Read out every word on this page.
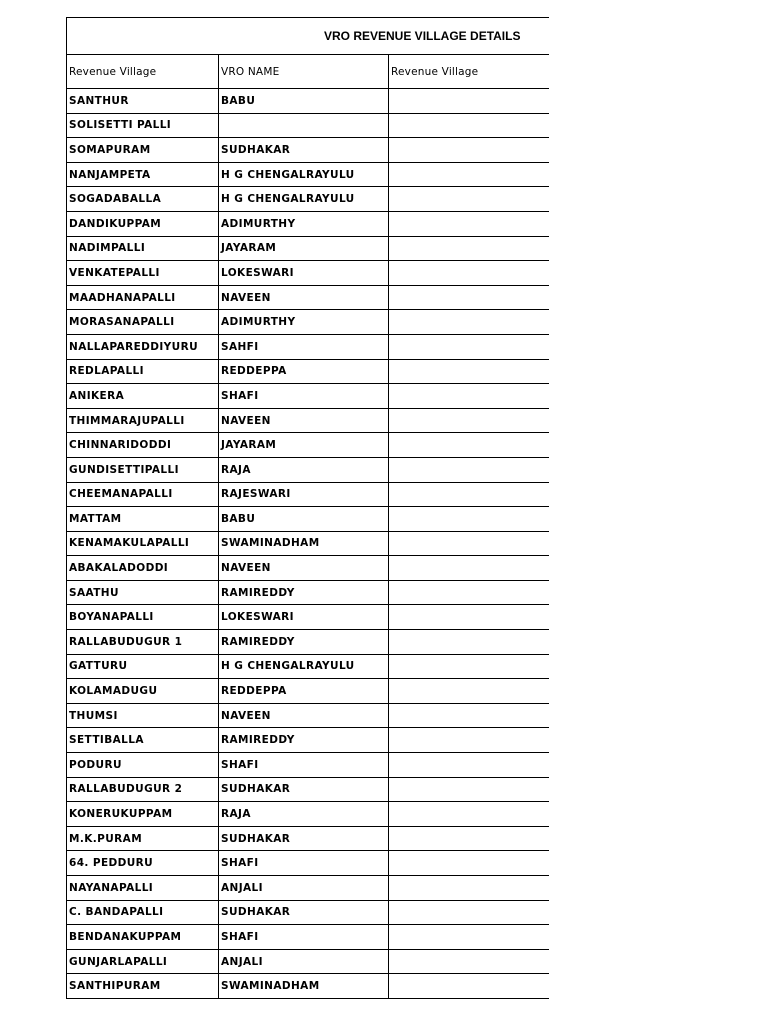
VRO REVENUE VILLAGE DETAILS		
Revenue Village	VRO NAME	Revenue Village
SANTHUR	BABU	
SOLISETTI PALLI		
SOMAPURAM	SUDHAKAR	
NANJAMPETA	H G CHENGALRAYULU	
SOGADABALLA	H G CHENGALRAYULU	
DANDIKUPPAM	ADIMURTHY	
NADIMPALLI	JAYARAM	
VENKATEPALLI	LOKESWARI	
MAADHANAPALLI	NAVEEN	
MORASANAPALLI	ADIMURTHY	
NALLAPAREDDIYURU	SAHFI	
REDLAPALLI	REDDEPPA	
ANIKERA	SHAFI	
THIMMARAJUPALLI	NAVEEN	
CHINNARIDODDI	JAYARAM	
GUNDISETTIPALLI	RAJA	
CHEEMANAPALLI	RAJESWARI	
MATTAM	BABU	
KENAMAKULAPALLI	SWAMINADHAM	
ABAKALADODDI	NAVEEN	
SAATHU	RAMIREDDY	
BOYANAPALLI	LOKESWARI	
RALLABUDUGUR 1	RAMIREDDY	
GATTURU	H G CHENGALRAYULU	
KOLAMADUGU	REDDEPPA	
THUMSI	NAVEEN	
SETTIBALLA	RAMIREDDY	
PODURU	SHAFI	
RALLABUDUGUR 2	SUDHAKAR	
KONERUKUPPAM	RAJA	
M.K.PURAM	SUDHAKAR	
64. PEDDURU	SHAFI	
NAYANAPALLI	ANJALI	
C. BANDAPALLI	SUDHAKAR	
BENDANAKUPPAM	SHAFI	
GUNJARLAPALLI	ANJALI	
SANTHIPURAM	SWAMINADHAM	
